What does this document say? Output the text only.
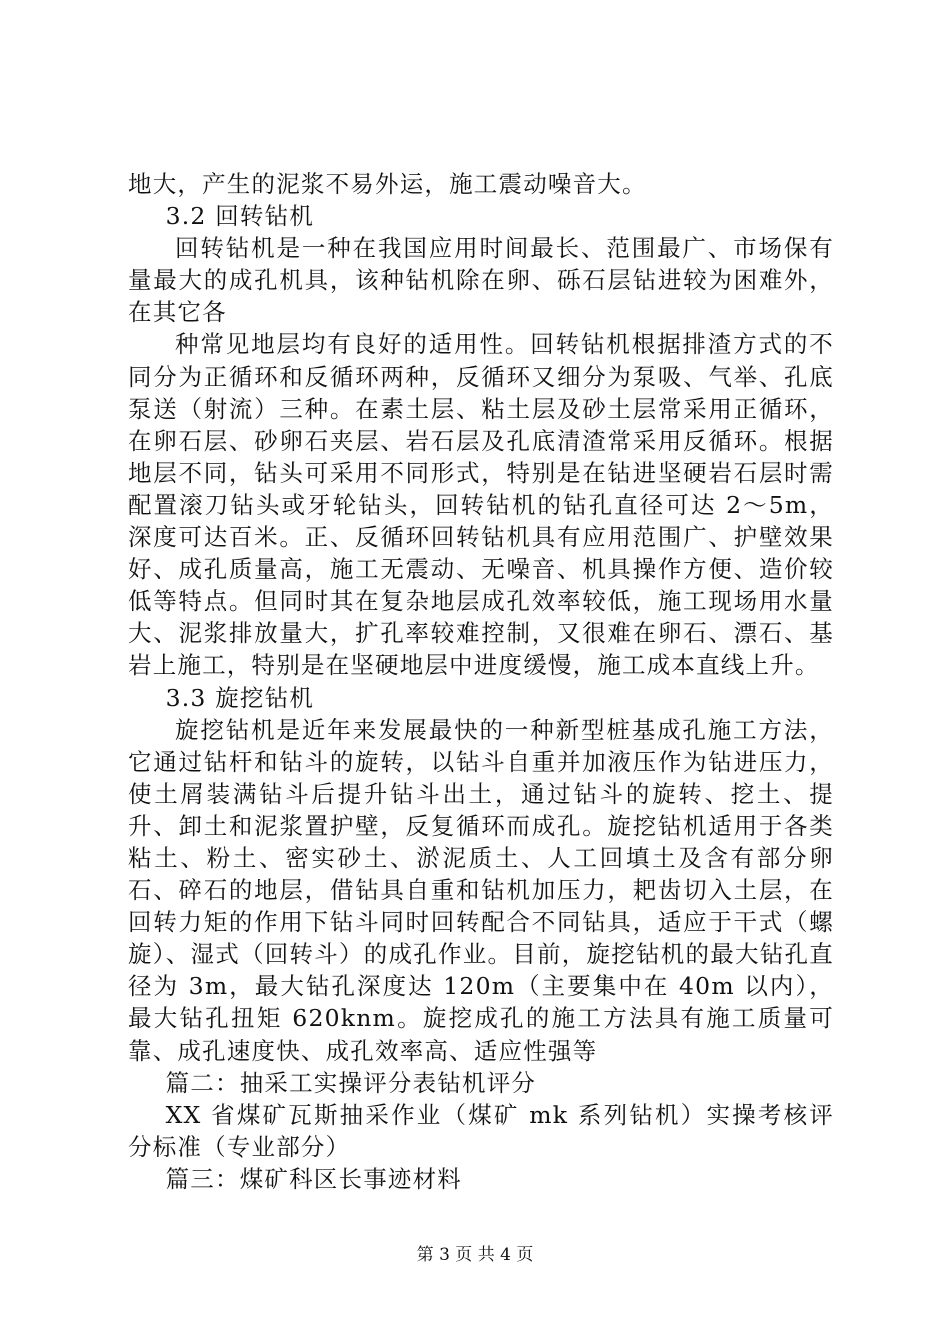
地大，产生的泥浆不易外运，施工震动噪音大。

3.2 回转钻机

回转钻机是一种在我国应用时间最长、范围最广、市场保有量最大的成孔机具，该种钻机除在卵、砾石层钻进较为困难外，在其它各

种常见地层均有良好的适用性。回转钻机根据排渣方式的不同分为正循环和反循环两种，反循环又细分为泵吸、气举、孔底泵送（射流）三种。在素土层、粘土层及砂土层常采用正循环，在卵石层、砂卵石夹层、岩石层及孔底清渣常采用反循环。根据地层不同，钻头可采用不同形式，特别是在钻进坚硬岩石层时需配置滚刀钻头或牙轮钻头，回转钻机的钻孔直径可达 2～5m，深度可达百米。正、反循环回转钻机具有应用范围广、护壁效果好、成孔质量高，施工无震动、无噪音、机具操作方便、造价较低等特点。但同时其在复杂地层成孔效率较低，施工现场用水量大、泥浆排放量大，扩孔率较难控制，又很难在卵石、漂石、基岩上施工，特别是在坚硬地层中进度缓慢，施工成本直线上升。

3.3 旋挖钻机

旋挖钻机是近年来发展最快的一种新型桩基成孔施工方法，它通过钻杆和钻斗的旋转，以钻斗自重并加液压作为钻进压力，使土屑装满钻斗后提升钻斗出土，通过钻斗的旋转、挖土、提升、卸土和泥浆置护壁，反复循环而成孔。旋挖钻机适用于各类粘土、粉土、密实砂土、淤泥质土、人工回填土及含有部分卵石、碎石的地层，借钻具自重和钻机加压力，耙齿切入土层，在回转力矩的作用下钻斗同时回转配合不同钻具，适应于干式（螺旋）、湿式（回转斗）的成孔作业。目前，旋挖钻机的最大钻孔直径为 3m，最大钻孔深度达 120m（主要集中在 40m 以内），最大钻孔扭矩 620knm。旋挖成孔的施工方法具有施工质量可靠、成孔速度快、成孔效率高、适应性强等

篇二：抽采工实操评分表钻机评分

XX 省煤矿瓦斯抽采作业（煤矿 mk 系列钻机）实操考核评分标准（专业部分）

篇三：煤矿科区长事迹材料

第 3 页 共 4 页
